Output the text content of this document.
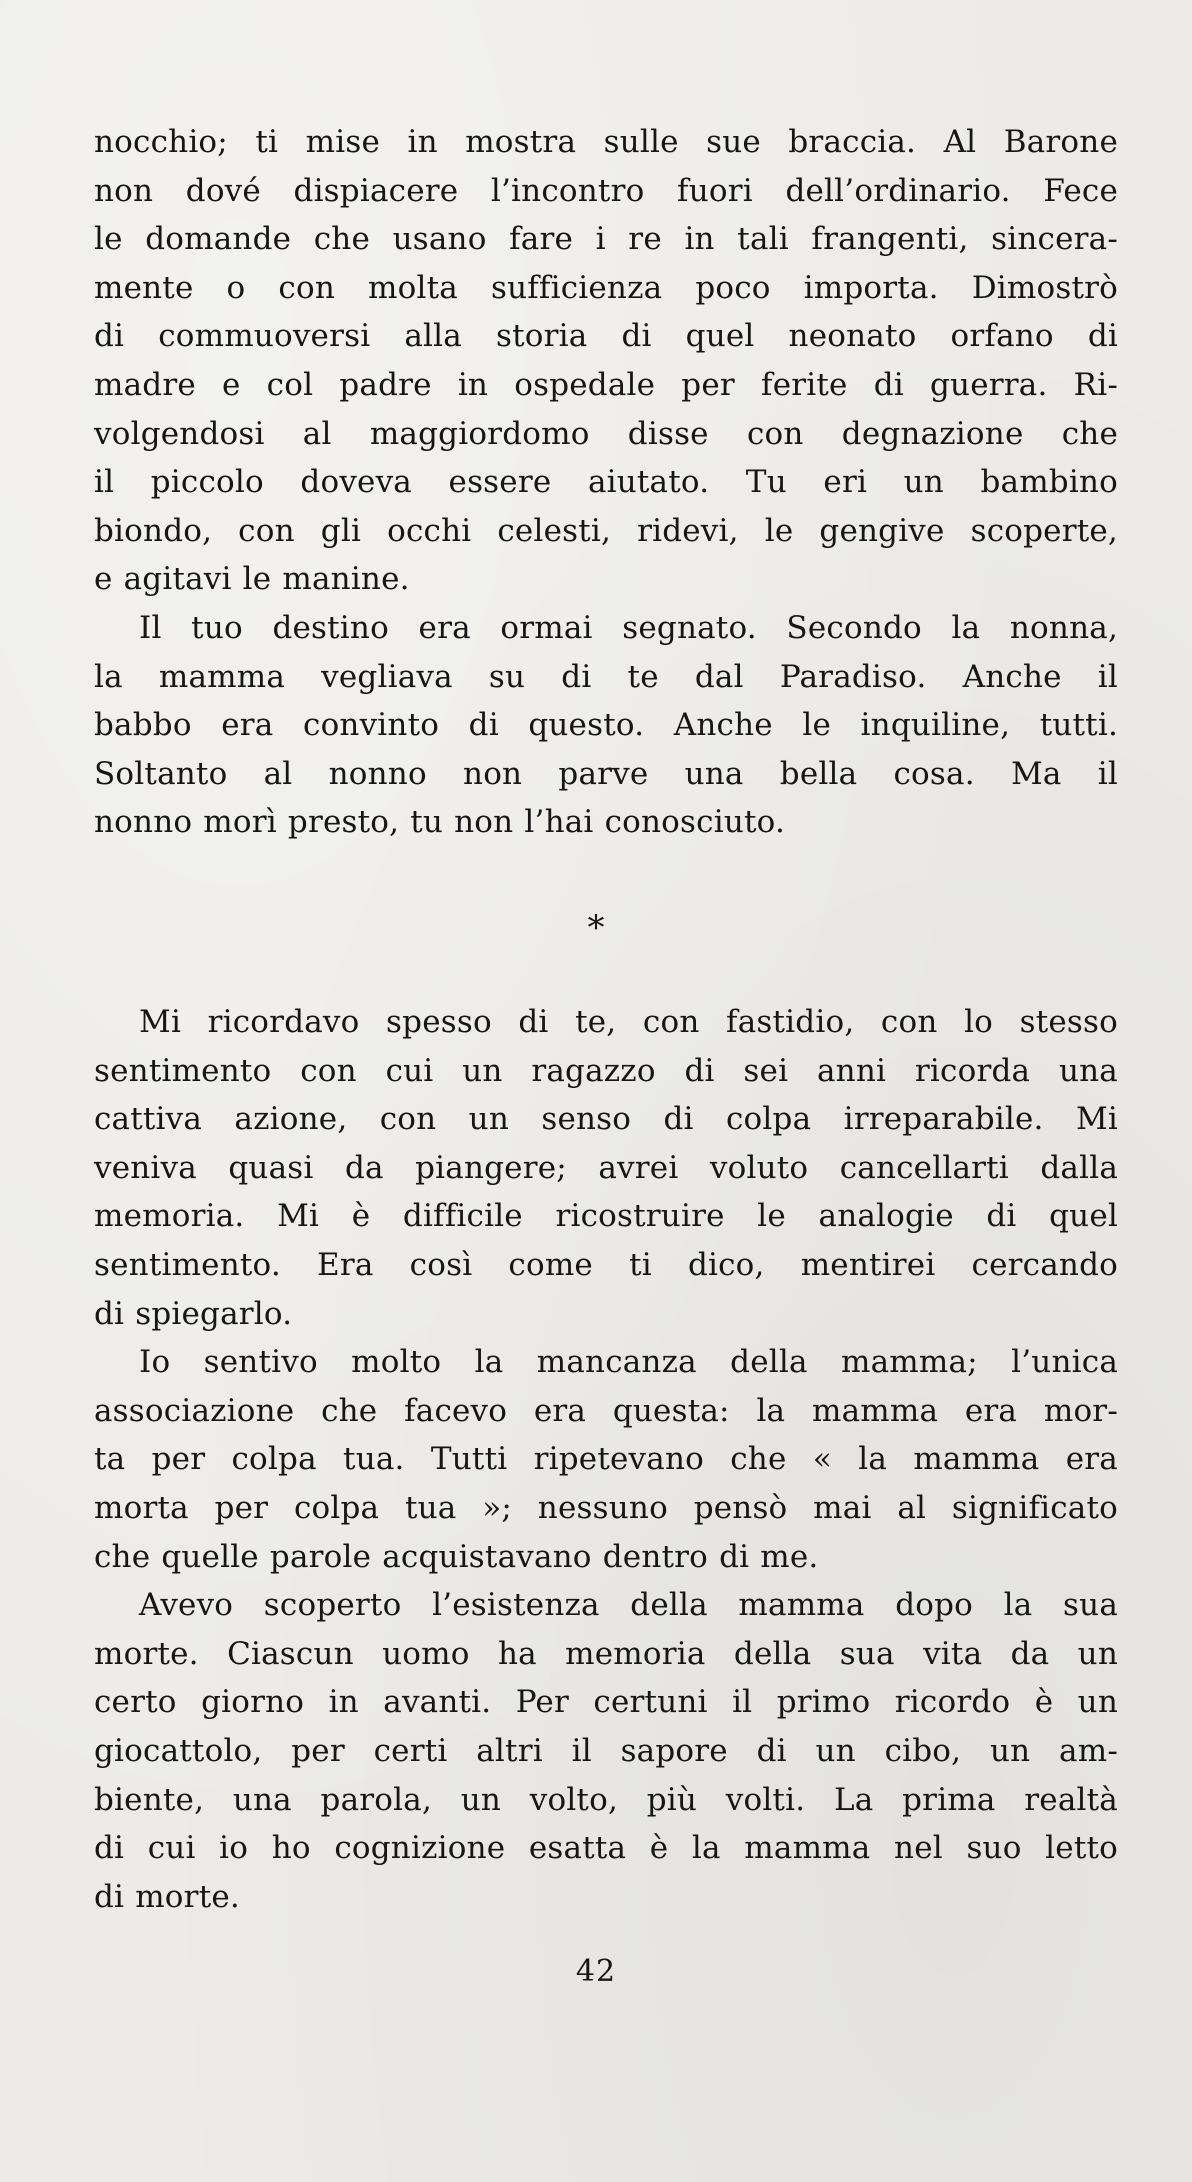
nocchio; ti mise in mostra sulle sue braccia. Al Barone
non dové dispiacere l’incontro fuori dell’ordinario. Fece
le domande che usano fare i re in tali frangenti, sincera-
mente o con molta sufficienza poco importa. Dimostrò
di commuoversi alla storia di quel neonato orfano di
madre e col padre in ospedale per ferite di guerra. Ri-
volgendosi al maggiordomo disse con degnazione che
il piccolo doveva essere aiutato. Tu eri un bambino
biondo, con gli occhi celesti, ridevi, le gengive scoperte,
e agitavi le manine.

Il tuo destino era ormai segnato. Secondo la nonna,
la mamma vegliava su di te dal Paradiso. Anche il
babbo era convinto di questo. Anche le inquiline, tutti.
Soltanto al nonno non parve una bella cosa. Ma il
nonno morì presto, tu non l’hai conosciuto.

*

Mi ricordavo spesso di te, con fastidio, con lo stesso
sentimento con cui un ragazzo di sei anni ricorda una
cattiva azione, con un senso di colpa irreparabile. Mi
veniva quasi da piangere; avrei voluto cancellarti dalla
memoria. Mi è difficile ricostruire le analogie di quel
sentimento. Era così come ti dico, mentirei cercando
di spiegarlo.

Io sentivo molto la mancanza della mamma; l’unica
associazione che facevo era questa: la mamma era mor-
ta per colpa tua. Tutti ripetevano che « la mamma era
morta per colpa tua »; nessuno pensò mai al significato
che quelle parole acquistavano dentro di me.

Avevo scoperto l’esistenza della mamma dopo la sua
morte. Ciascun uomo ha memoria della sua vita da un
certo giorno in avanti. Per certuni il primo ricordo è un
giocattolo, per certi altri il sapore di un cibo, un am-
biente, una parola, un volto, più volti. La prima realtà
di cui io ho cognizione esatta è la mamma nel suo letto
di morte.

42
